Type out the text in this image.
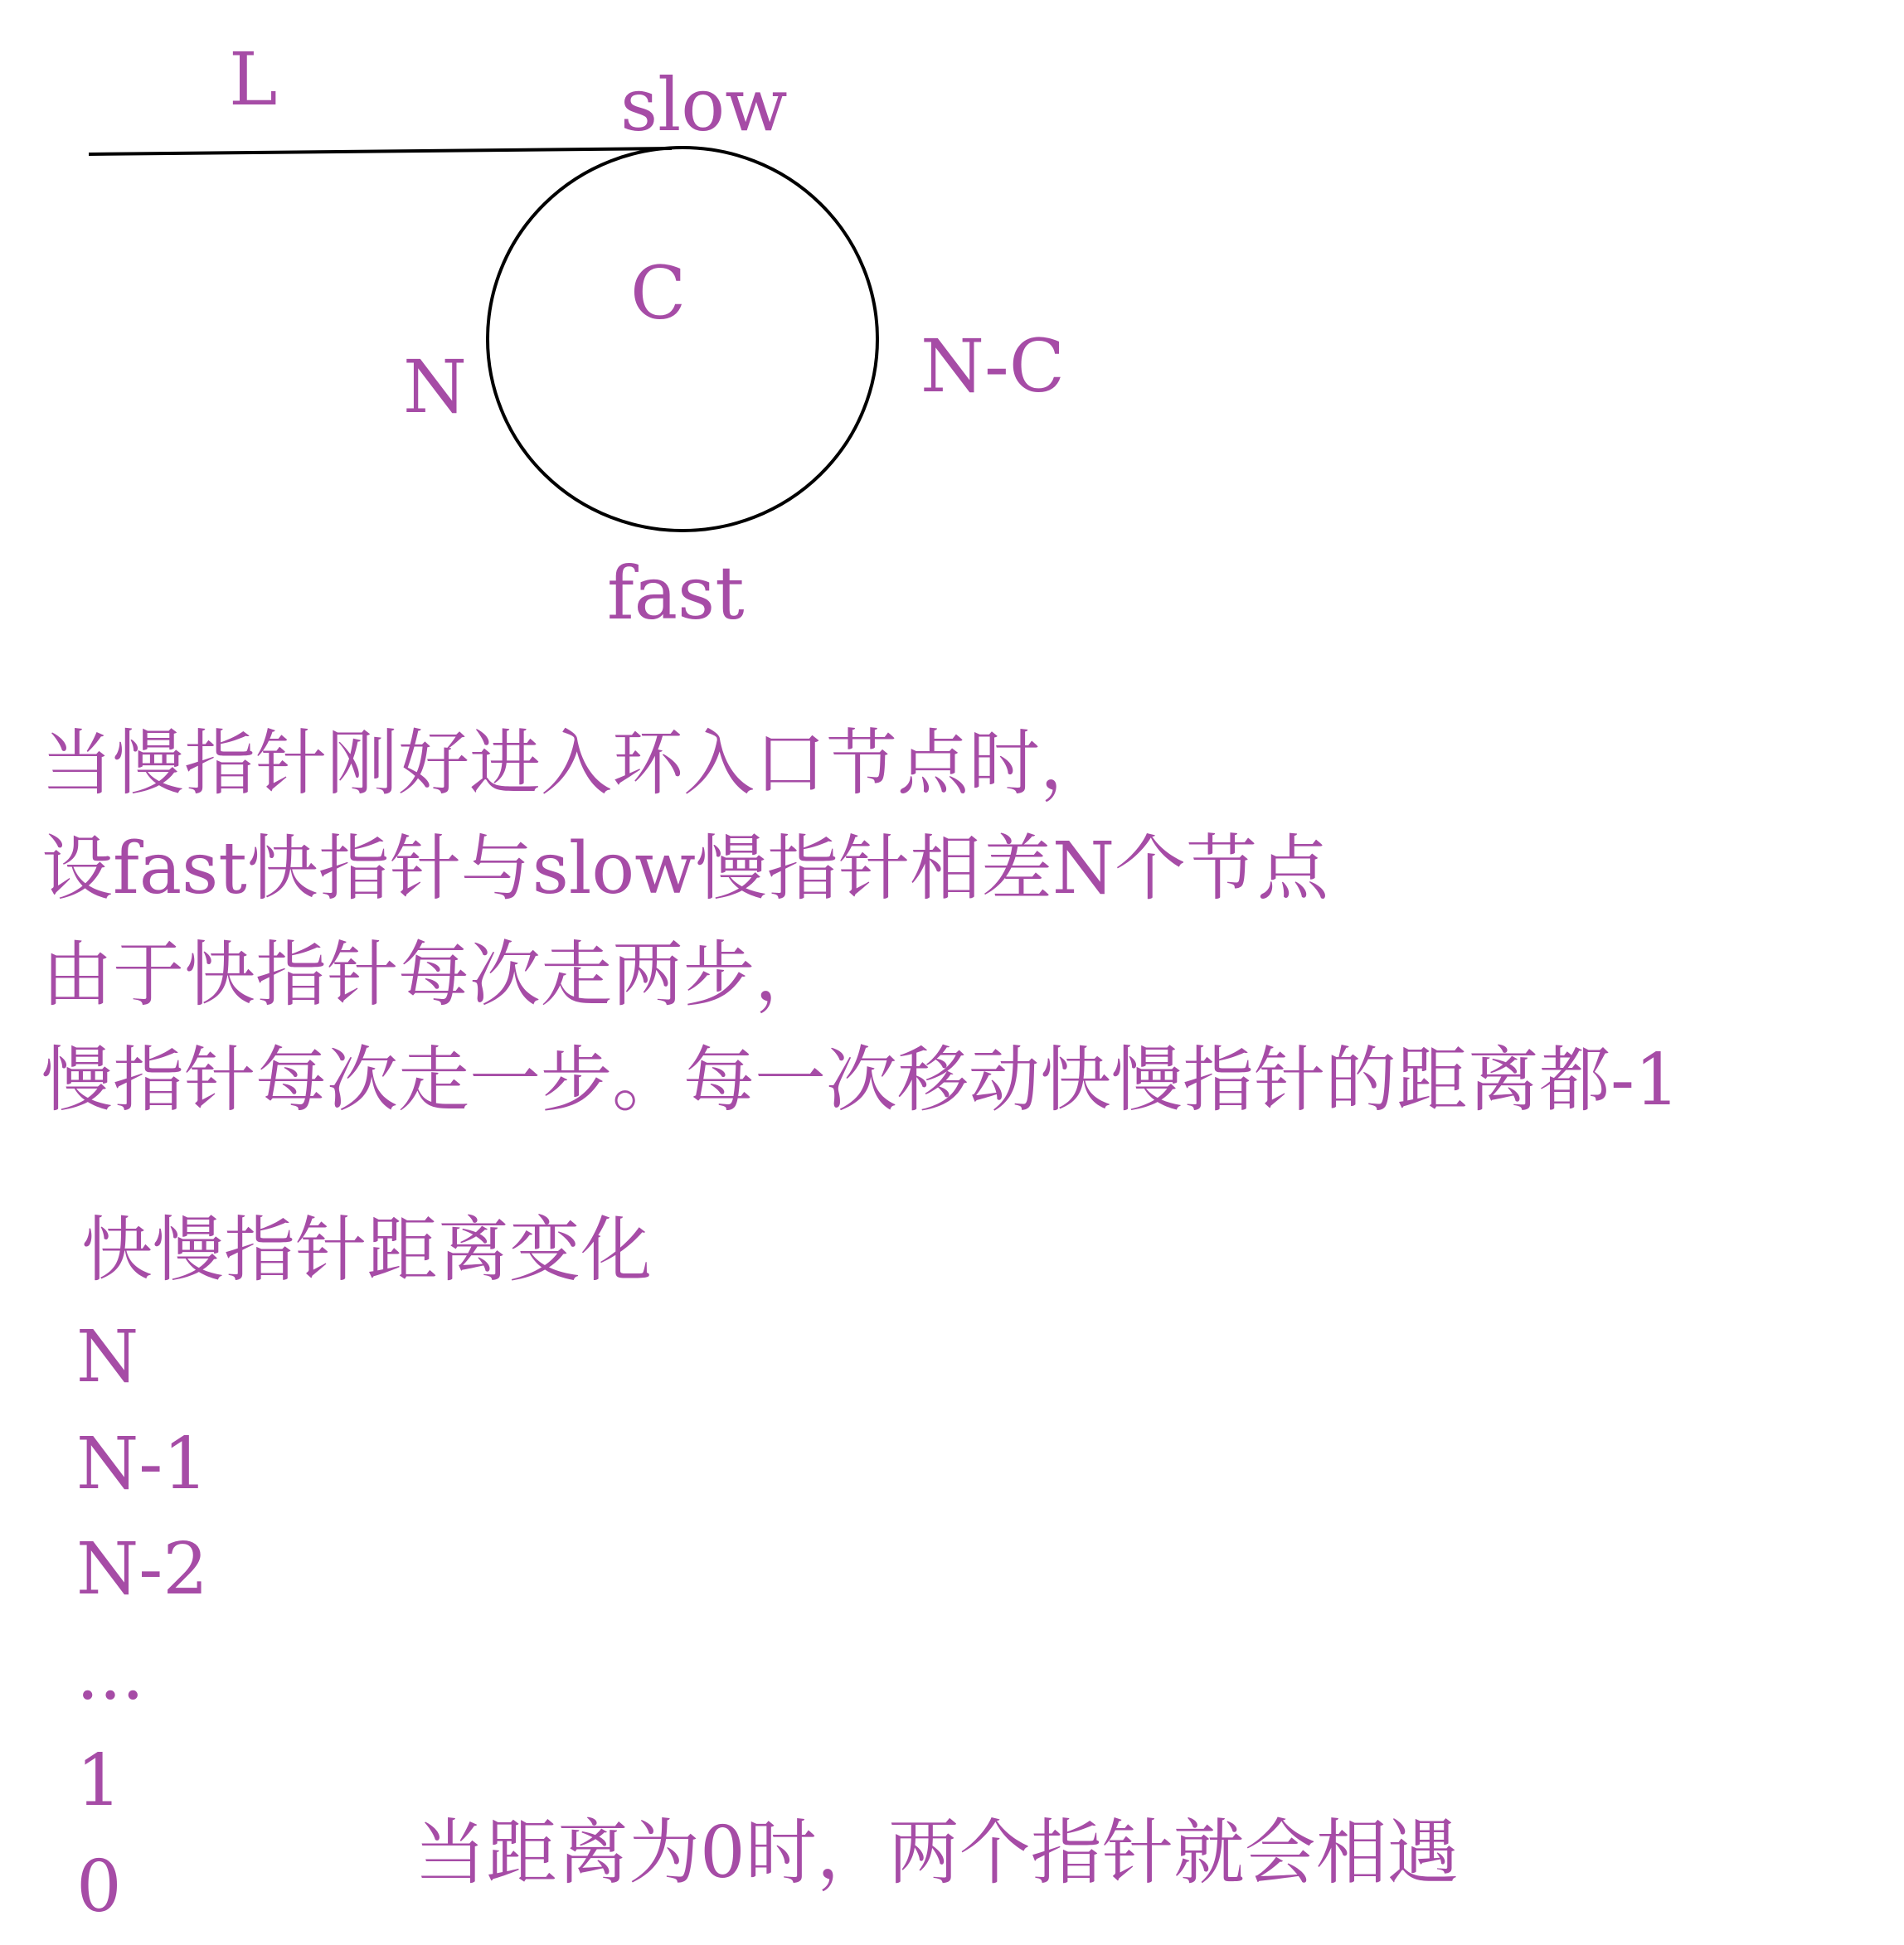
L	slow
C
N	N-C
fast
当慢指针刚好进入环入口节点时，
设fast快指针与slow慢指针相差N个节点
由于快指针每次走两步，
慢指针每次走一步。每一次移动快慢指针的距离都-1
快慢指针距离变化
N
N-1
N-2
...
1
0	当距离为0时，两个指针就会相遇
